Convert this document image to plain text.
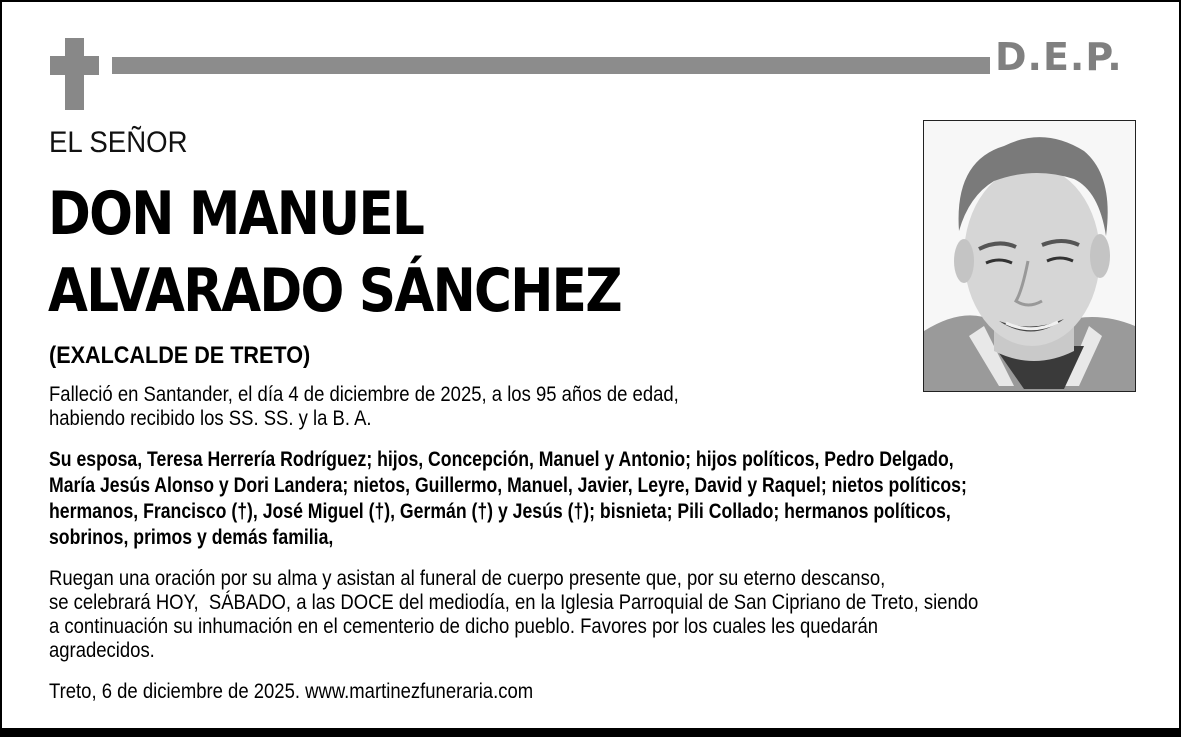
D.E.P.
EL SEÑOR
DON MANUEL
ALVARADO SÁNCHEZ
(EXALCALDE DE TRETO)
Falleció en Santander, el día 4 de diciembre de 2025, a los 95 años de edad,
habiendo recibido los SS. SS. y la B. A.
Su esposa, Teresa Herrería Rodríguez; hijos, Concepción, Manuel y Antonio; hijos políticos, Pedro Delgado,
María Jesús Alonso y Dori Landera; nietos, Guillermo, Manuel, Javier, Leyre, David y Raquel; nietos políticos;
hermanos, Francisco (†), José Miguel (†), Germán (†) y Jesús (†); bisnieta; Pili Collado; hermanos políticos,
sobrinos, primos y demás familia,
Ruegan una oración por su alma y asistan al funeral de cuerpo presente que, por su eterno descanso,
se celebrará HOY,  SÁBADO, a las DOCE del mediodía, en la Iglesia Parroquial de San Cipriano de Treto, siendo
a continuación su inhumación en el cementerio de dicho pueblo. Favores por los cuales les quedarán
agradecidos.
Treto, 6 de diciembre de 2025. www.martinezfuneraria.com
